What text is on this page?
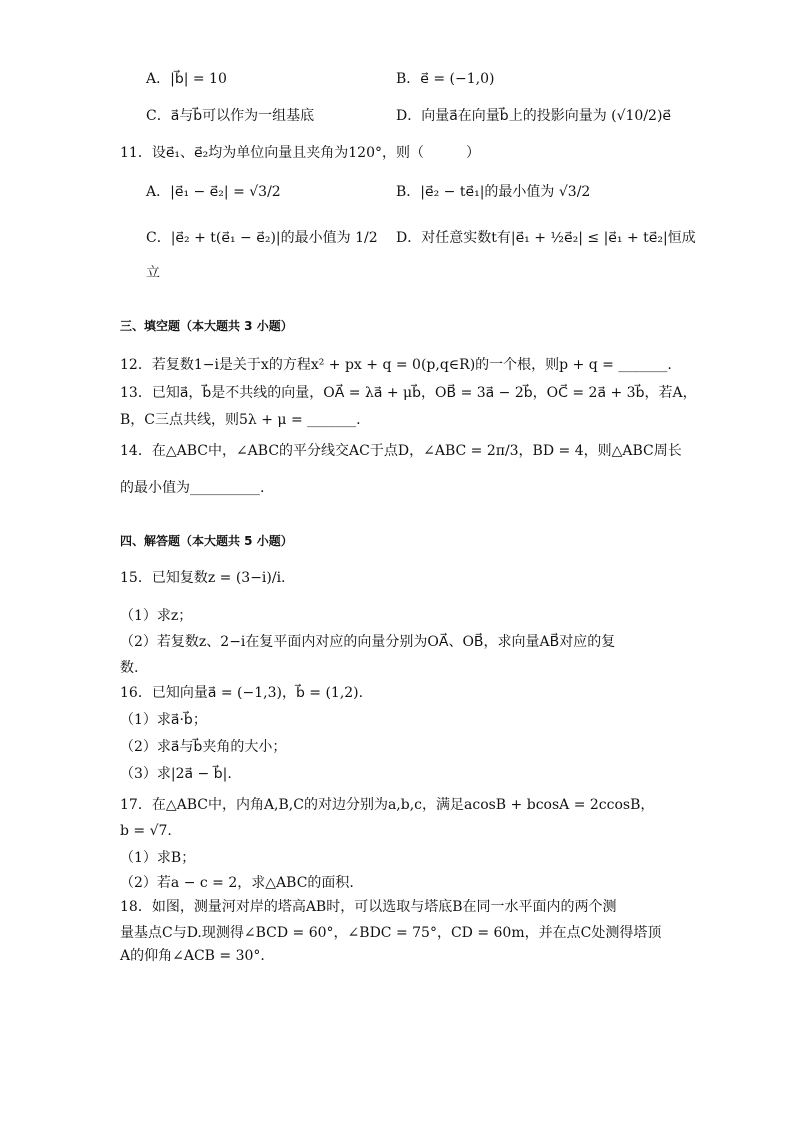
A．|b⃗| = 10	B．e⃗ = (−1,0)
C．a⃗与b⃗可以作为一组基底	D．向量a⃗在向量b⃗上的投影向量为 (√10/2)e⃗
11．设e⃗₁、e⃗₂均为单位向量且夹角为120°，则（　　　）
A．|e⃗₁ − e⃗₂| = √3/2	B．|e⃗₂ − te⃗₁|的最小值为 √3/2
C．|e⃗₂ + t(e⃗₁ − e⃗₂)|的最小值为 1/2 D．对任意实数t有|e⃗₁ + ½e⃗₂| ≤ |e⃗₁ + te⃗₂|恒成
立
三、填空题（本大题共 3 小题）
12．若复数1−i是关于x的方程x² + px + q = 0(p,q∈R)的一个根，则p + q = _______.
13．已知a⃗，b⃗是不共线的向量，OA⃗ = λa⃗ + μb⃗，OB⃗ = 3a⃗ − 2b⃗，OC⃗ = 2a⃗ + 3b⃗，若A，
B，C三点共线，则5λ + μ = _______.
14．在△ABC中，∠ABC的平分线交AC于点D，∠ABC = 2π/3，BD = 4，则△ABC周长
的最小值为__________.
四、解答题（本大题共 5 小题）
15．已知复数z = (3−i)/i.
（1）求z；
（2）若复数z、2−i在复平面内对应的向量分别为OA⃗、OB⃗，求向量AB⃗对应的复
数.
16．已知向量a⃗ = (−1,3)，b⃗ = (1,2).
（1）求a⃗·b⃗；
（2）求a⃗与b⃗夹角的大小；
（3）求|2a⃗ − b⃗|.
17．在△ABC中，内角A,B,C的对边分别为a,b,c，满足acosB + bcosA = 2ccosB，
b = √7.
（1）求B；
（2）若a − c = 2，求△ABC的面积.
18．如图，测量河对岸的塔高AB时，可以选取与塔底B在同一水平面内的两个测
量基点C与D.现测得∠BCD = 60°，∠BDC = 75°，CD = 60m，并在点C处测得塔顶
A的仰角∠ACB = 30°.
